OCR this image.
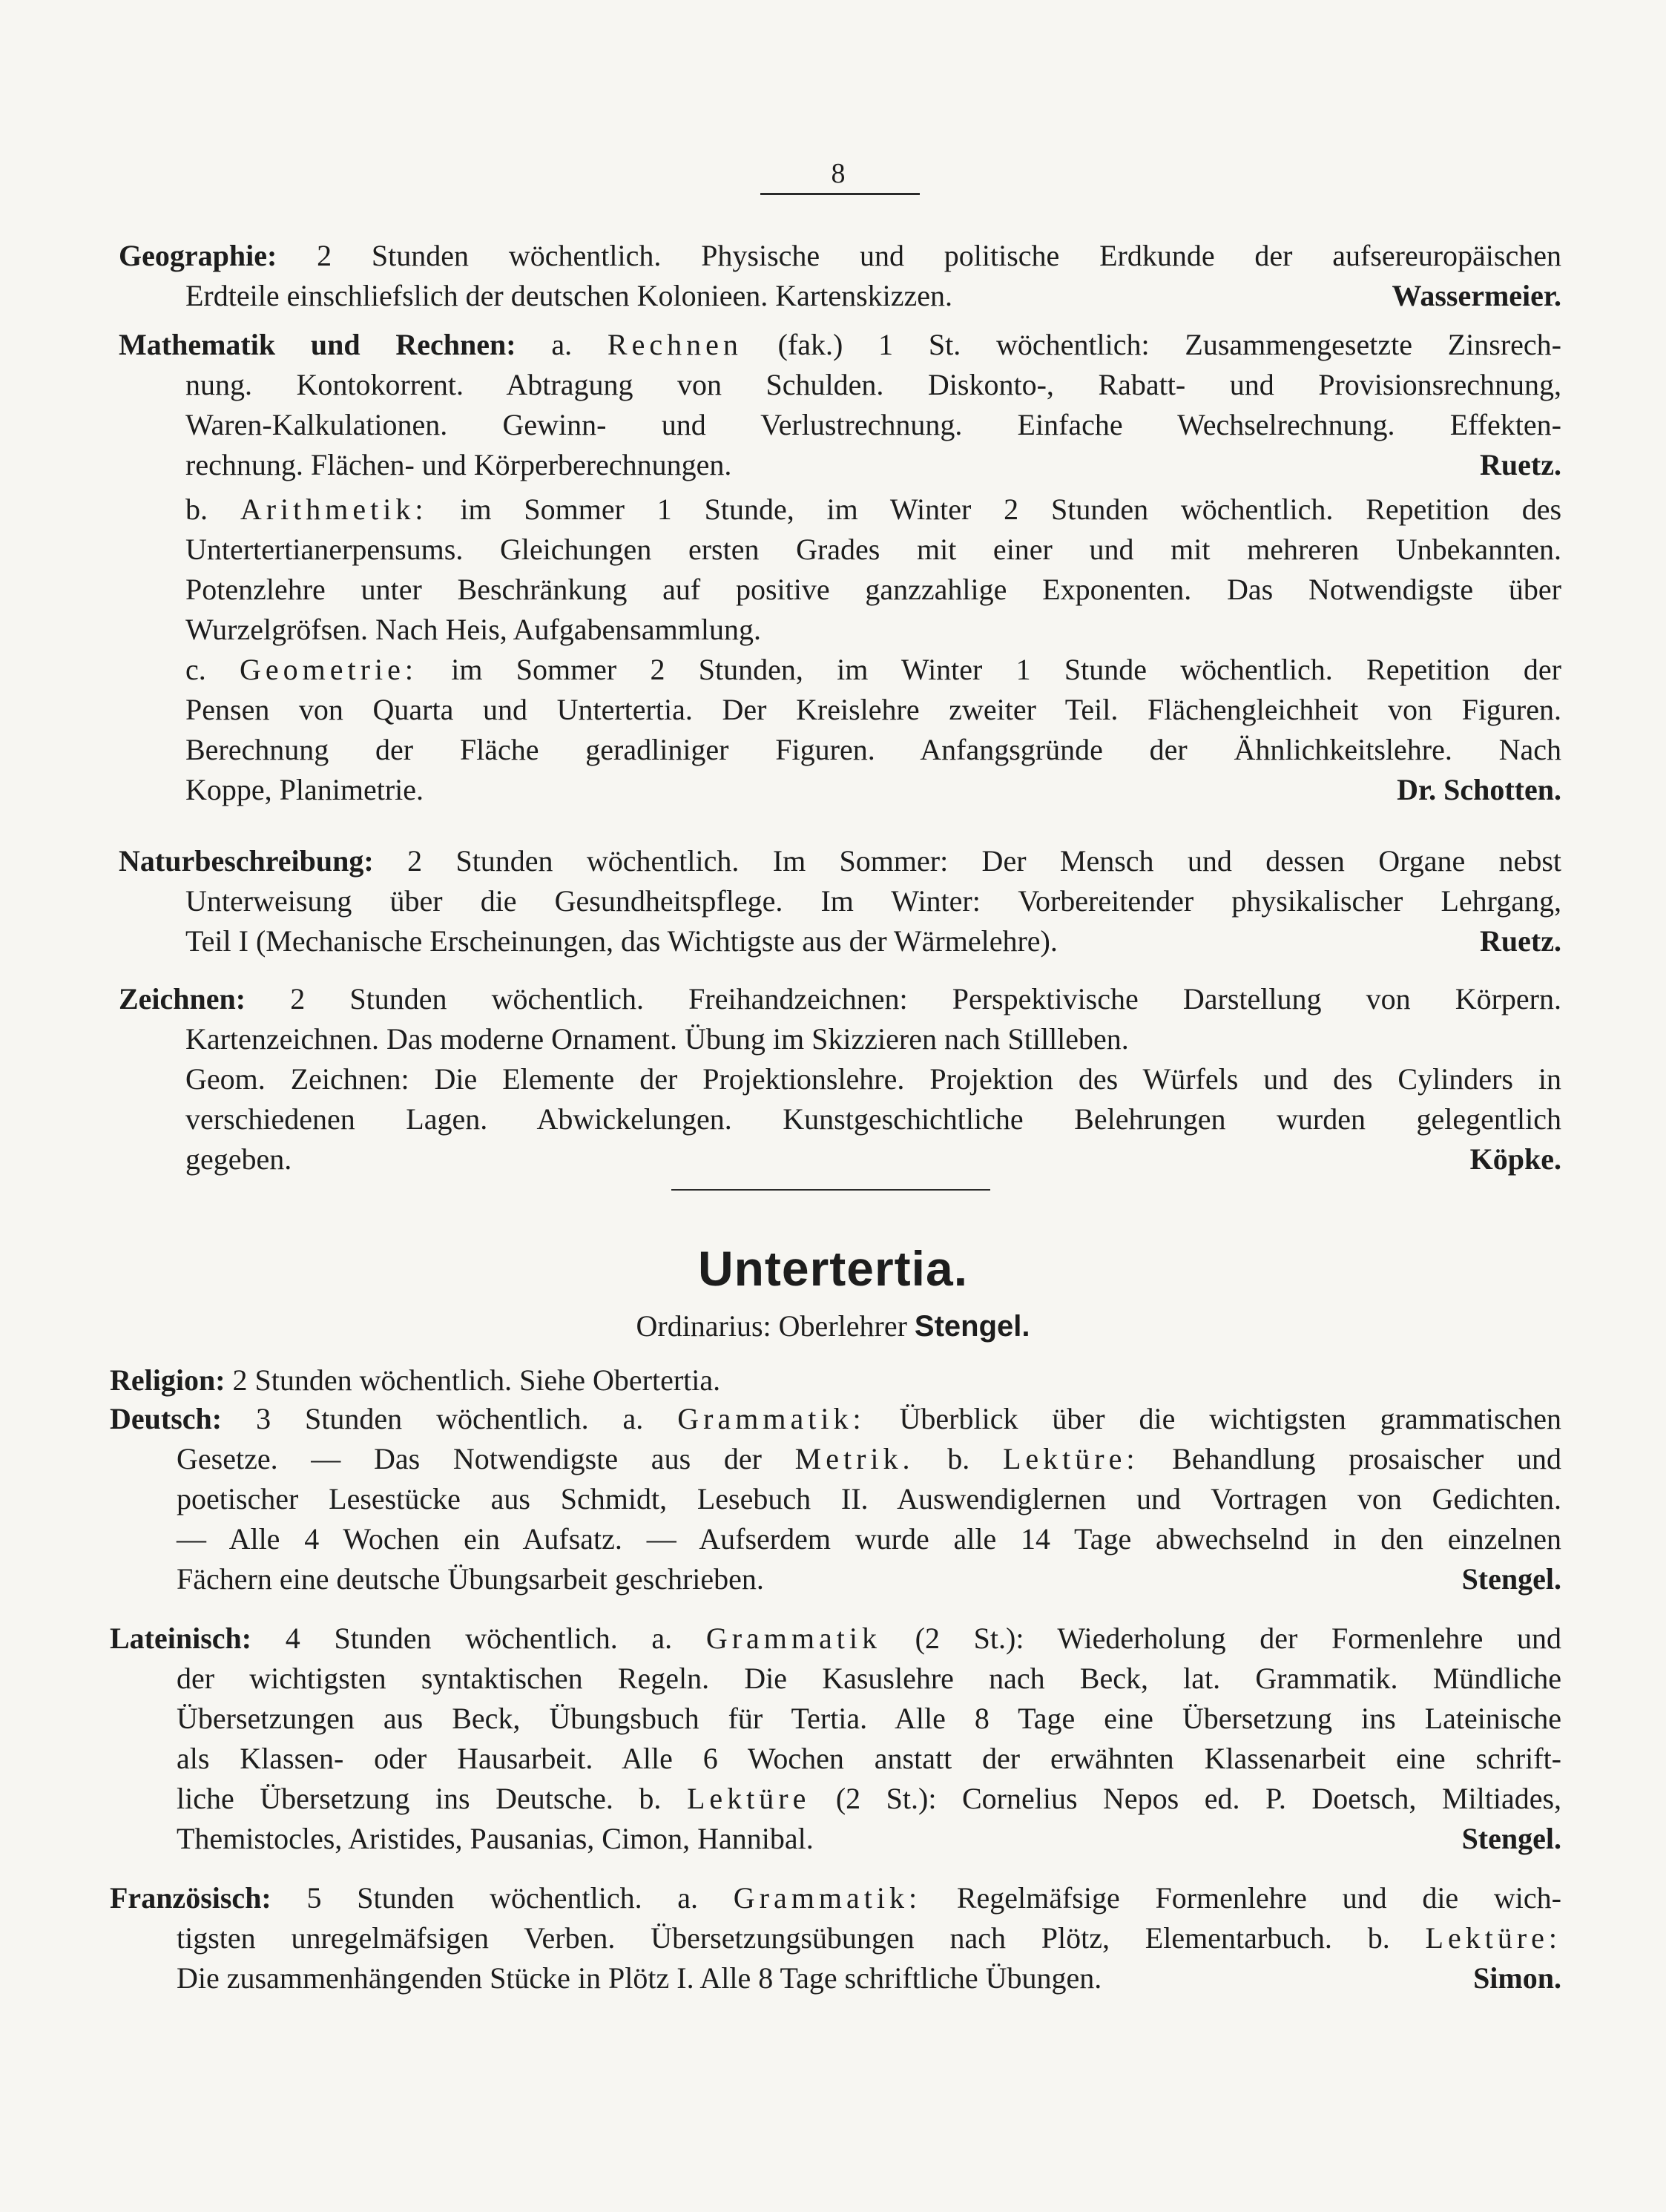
8
Geographie: 2 Stunden wöchentlich. Physische und politische Erdkunde der aufsereuropäischen
Erdteile einschliefslich der deutschen Kolonieen. Kartenskizzen.	Wassermeier.
Mathematik und Rechnen: a. Rechnen (fak.) 1 St. wöchentlich: Zusammengesetzte Zinsrech-
nung. Kontokorrent. Abtragung von Schulden. Diskonto-, Rabatt- und Provisionsrechnung,
Waren-Kalkulationen. Gewinn- und Verlustrechnung. Einfache Wechselrechnung. Effekten-
rechnung. Flächen- und Körperberechnungen.	Ruetz.
b. Arithmetik: im Sommer 1 Stunde, im Winter 2 Stunden wöchentlich. Repetition des
Untertertianerpensums. Gleichungen ersten Grades mit einer und mit mehreren Unbekannten.
Potenzlehre unter Beschränkung auf positive ganzzahlige Exponenten. Das Notwendigste über
Wurzelgröfsen. Nach Heis, Aufgabensammlung.
c. Geometrie: im Sommer 2 Stunden, im Winter 1 Stunde wöchentlich. Repetition der
Pensen von Quarta und Untertertia. Der Kreislehre zweiter Teil. Flächengleichheit von Figuren.
Berechnung der Fläche geradliniger Figuren. Anfangsgründe der Ähnlichkeitslehre. Nach
Koppe, Planimetrie.	Dr. Schotten.
Naturbeschreibung: 2 Stunden wöchentlich. Im Sommer: Der Mensch und dessen Organe nebst
Unterweisung über die Gesundheitspflege. Im Winter: Vorbereitender physikalischer Lehrgang,
Teil I (Mechanische Erscheinungen, das Wichtigste aus der Wärmelehre).	Ruetz.
Zeichnen: 2 Stunden wöchentlich. Freihandzeichnen: Perspektivische Darstellung von Körpern.
Kartenzeichnen. Das moderne Ornament. Übung im Skizzieren nach Stillleben.
Geom. Zeichnen: Die Elemente der Projektionslehre. Projektion des Würfels und des Cylinders in
verschiedenen Lagen. Abwickelungen. Kunstgeschichtliche Belehrungen wurden gelegentlich
gegeben.	Köpke.
Untertertia.
Ordinarius: Oberlehrer Stengel.
Religion: 2 Stunden wöchentlich. Siehe Obertertia.
Deutsch: 3 Stunden wöchentlich. a. Grammatik: Überblick über die wichtigsten grammatischen
Gesetze. — Das Notwendigste aus der Metrik. b. Lektüre: Behandlung prosaischer und
poetischer Lesestücke aus Schmidt, Lesebuch II. Auswendiglernen und Vortragen von Gedichten.
— Alle 4 Wochen ein Aufsatz. — Aufserdem wurde alle 14 Tage abwechselnd in den einzelnen
Fächern eine deutsche Übungsarbeit geschrieben.	Stengel.
Lateinisch: 4 Stunden wöchentlich. a. Grammatik (2 St.): Wiederholung der Formenlehre und
der wichtigsten syntaktischen Regeln. Die Kasuslehre nach Beck, lat. Grammatik. Mündliche
Übersetzungen aus Beck, Übungsbuch für Tertia. Alle 8 Tage eine Übersetzung ins Lateinische
als Klassen- oder Hausarbeit. Alle 6 Wochen anstatt der erwähnten Klassenarbeit eine schrift-
liche Übersetzung ins Deutsche. b. Lektüre (2 St.): Cornelius Nepos ed. P. Doetsch, Miltiades,
Themistocles, Aristides, Pausanias, Cimon, Hannibal.	Stengel.
Französisch: 5 Stunden wöchentlich. a. Grammatik: Regelmäfsige Formenlehre und die wich-
tigsten unregelmäfsigen Verben. Übersetzungsübungen nach Plötz, Elementarbuch. b. Lektüre:
Die zusammenhängenden Stücke in Plötz I. Alle 8 Tage schriftliche Übungen.	Simon.
